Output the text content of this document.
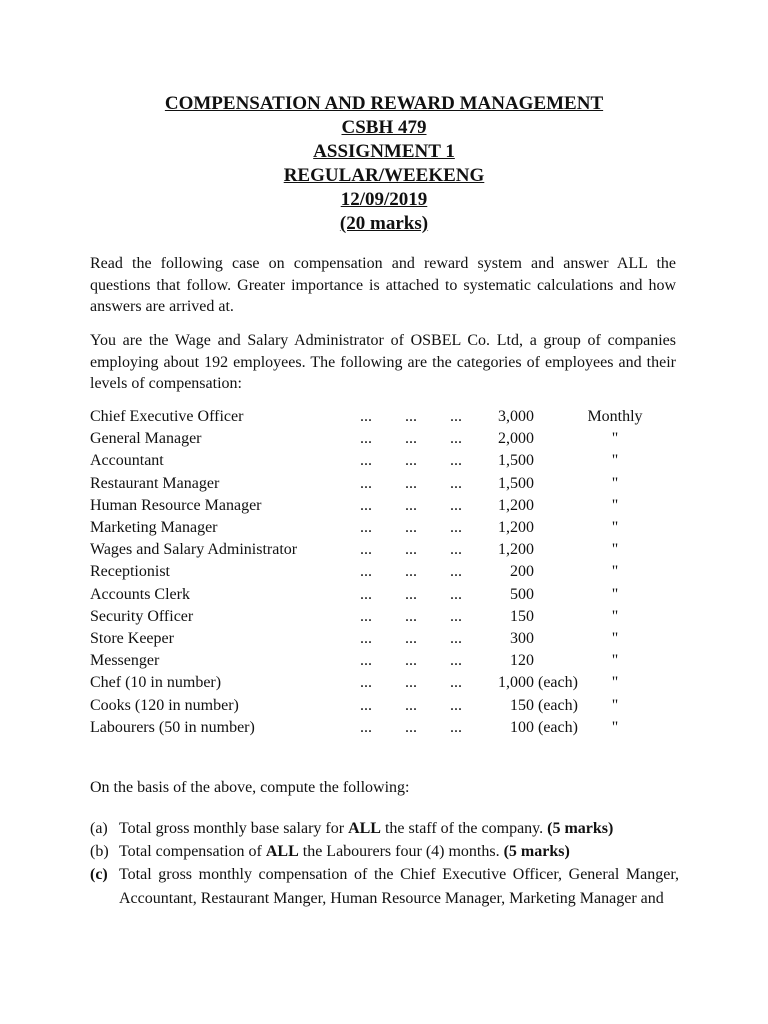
COMPENSATION AND REWARD MANAGEMENT
CSBH 479
ASSIGNMENT 1
REGULAR/WEEKENG
12/09/2019
(20 marks)
Read the following case on compensation and reward system and answer ALL the questions that follow. Greater importance is attached to systematic calculations and how answers are arrived at.
You are the Wage and Salary Administrator of OSBEL Co. Ltd, a group of companies employing about 192 employees. The following are the categories of employees and their levels of compensation:
Chief Executive Officer	... ... ... 3,000	Monthly
General Manager	... ... ... 2,000	"
Accountant	... ... ... 1,500	"
Restaurant Manager	... ... ... 1,500	"
Human Resource Manager	... ... ... 1,200	"
Marketing Manager	... ... ... 1,200	"
Wages and Salary Administrator	... ... ... 1,200	"
Receptionist	... ... ...	200	"
Accounts Clerk	... ... ...	500	"
Security Officer	... ... ...	150	"
Store Keeper	... ... ...	300	"
Messenger	... ... ...	120	"
Chef (10 in number)	... ... ... 1,000 (each)	"
Cooks (120 in number)	... ... ...	150 (each)	"
Labourers (50 in number)	... ... ...	100 (each)	"
On the basis of the above, compute the following:
(a) Total gross monthly base salary for ALL the staff of the company. (5 marks)
(b) Total compensation of ALL the Labourers four (4) months. (5 marks)
(c) Total gross monthly compensation of the Chief Executive Officer, General Manger, Accountant, Restaurant Manger, Human Resource Manager, Marketing Manager and
